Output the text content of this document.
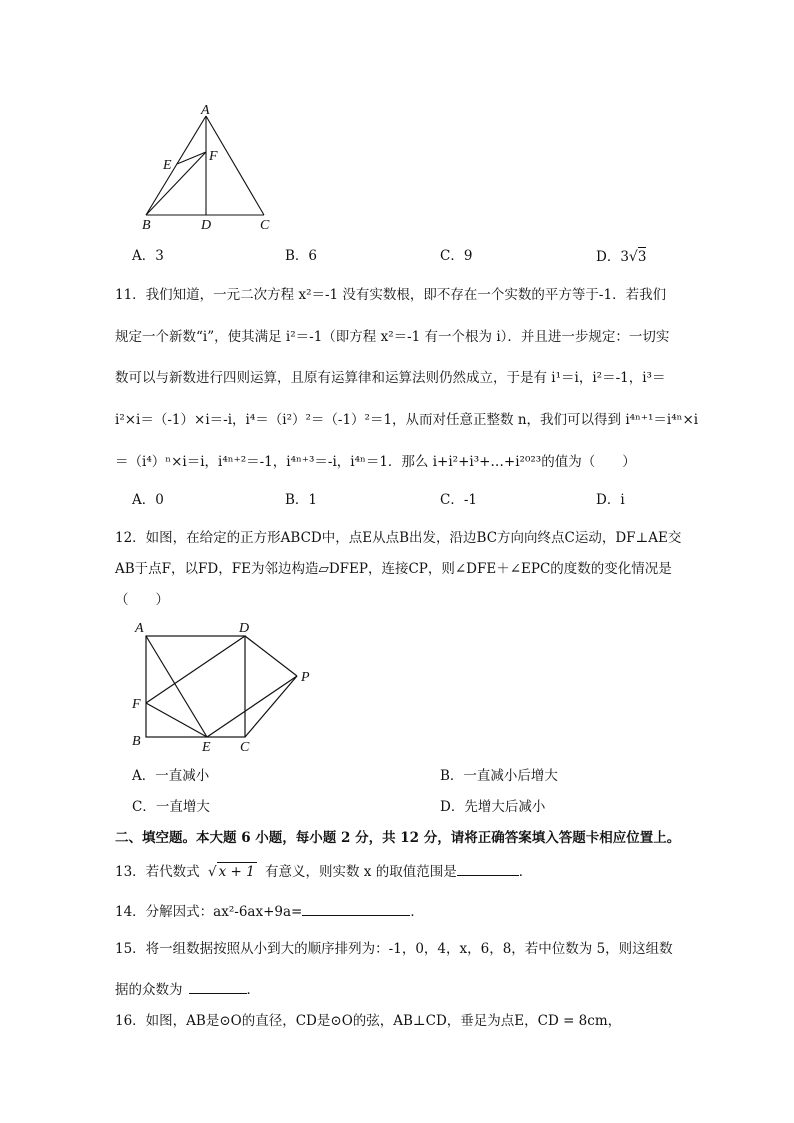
A
E
F
B	D	C
A．3	B．6	C．9	D．3√3
11．我们知道，一元二次方程 x²＝-1 没有实数根，即不存在一个实数的平方等于-1．若我们
规定一个新数“i”，使其满足 i²＝-1（即方程 x²＝-1 有一个根为 i）．并且进一步规定：一切实
数可以与新数进行四则运算，且原有运算律和运算法则仍然成立，于是有 i¹＝i，i²＝-1，i³＝
i²×i＝（-1）×i＝-i，i⁴＝（i²）²＝（-1）²＝1，从而对任意正整数 n，我们可以得到 i⁴ⁿ⁺¹＝i⁴ⁿ×i
＝（i⁴）ⁿ×i＝i，i⁴ⁿ⁺²＝-1，i⁴ⁿ⁺³＝-i，i⁴ⁿ＝1．那么 i+i²+i³+…+i²⁰²³的值为（　　）
A．0	B．1	C．-1	D．i
12．如图，在给定的正方形ABCD中，点E从点B出发，沿边BC方向向终点C运动，DF⊥AE交
AB于点F，以FD，FE为邻边构造▱DFEP，连接CP，则∠DFE＋∠EPC的度数的变化情况是
（　　）
A	D
P
F
B	E C
A．一直减小	B．一直减小后增大
C．一直增大	D．先增大后减小
二、填空题。本大题 6 小题，每小题 2 分，共 12 分，请将正确答案填入答题卡相应位置上。
13．若代数式 √ x + 1 有意义，则实数 x 的取值范围是	．
14．分解因式：ax²-6ax+9a=	．
15．将一组数据按照从小到大的顺序排列为：-1，0，4，x，6，8，若中位数为 5，则这组数
据的众数为	．
16．如图，AB是⊙O的直径，CD是⊙O的弦，AB⊥CD，垂足为点E，CD = 8cm，
